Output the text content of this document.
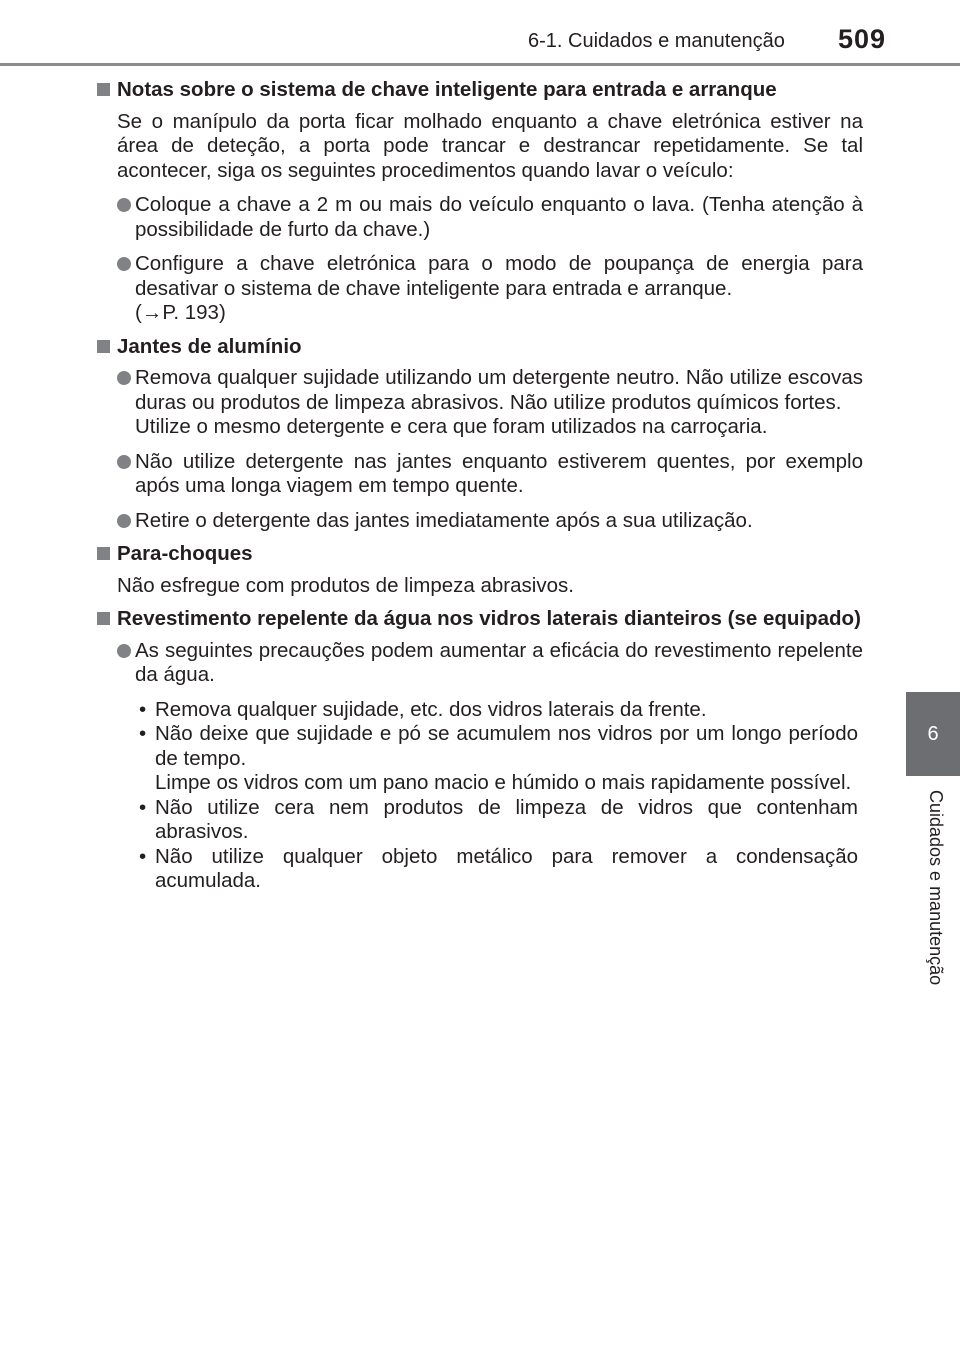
6-1. Cuidados e manutenção 509
6
Cuidados e manutenção
Notas sobre o sistema de chave inteligente para entrada e arranque
Se o manípulo da porta ficar molhado enquanto a chave eletrónica estiver na área de deteção, a porta pode trancar e destrancar repetidamente. Se tal acontecer, siga os seguintes procedimentos quando lavar o veículo:
Coloque a chave a 2 m ou mais do veículo enquanto o lava. (Tenha atenção à possibilidade de furto da chave.)
Configure a chave eletrónica para o modo de poupança de energia para desativar o sistema de chave inteligente para entrada e arranque.
(→P. 193)
Jantes de alumínio
Remova qualquer sujidade utilizando um detergente neutro. Não utilize escovas duras ou produtos de limpeza abrasivos. Não utilize produtos químicos fortes.
Utilize o mesmo detergente e cera que foram utilizados na carroçaria.
Não utilize detergente nas jantes enquanto estiverem quentes, por exemplo após uma longa viagem em tempo quente.
Retire o detergente das jantes imediatamente após a sua utilização.
Para-choques
Não esfregue com produtos de limpeza abrasivos.
Revestimento repelente da água nos vidros laterais dianteiros (se equipado)
As seguintes precauções podem aumentar a eficácia do revestimento repelente da água.
• Remova qualquer sujidade, etc. dos vidros laterais da frente.
• Não deixe que sujidade e pó se acumulem nos vidros por um longo período de tempo.
Limpe os vidros com um pano macio e húmido o mais rapidamente possível.
• Não utilize cera nem produtos de limpeza de vidros que contenham abrasivos.
• Não utilize qualquer objeto metálico para remover a condensação acumulada.
